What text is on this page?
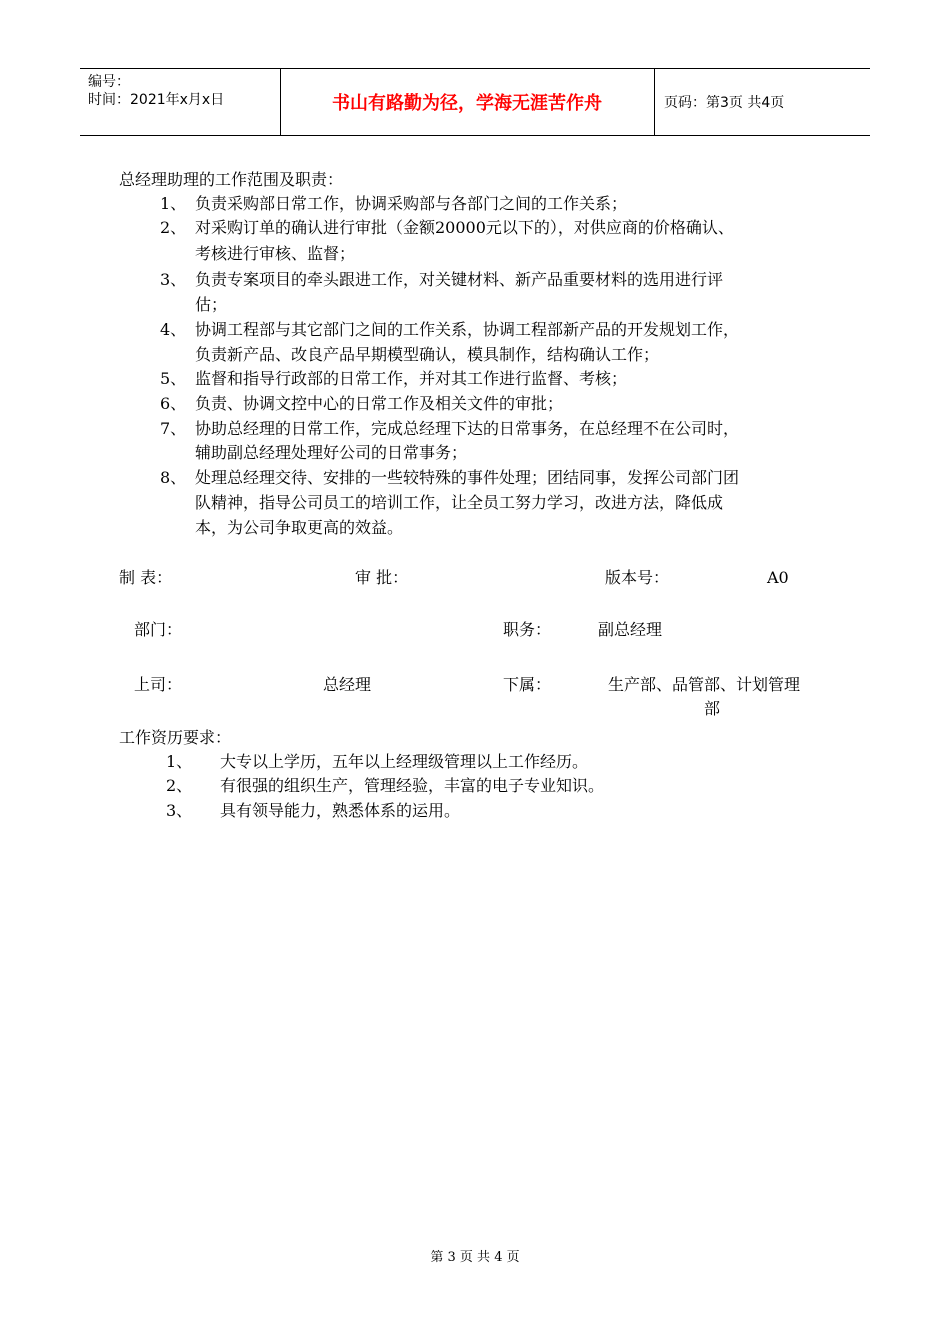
编号：
时间：2021年x月x日	书山有路勤为径，学海无涯苦作舟	页码：第3页 共4页
总经理助理的工作范围及职责：
1、 负责采购部日常工作，协调采购部与各部门之间的工作关系；
2、 对采购订单的确认进行审批（金额20000元以下的），对供应商的价格确认、
考核进行审核、监督；
3、 负责专案项目的牵头跟进工作，对关键材料、新产品重要材料的选用进行评
估；
4、 协调工程部与其它部门之间的工作关系，协调工程部新产品的开发规划工作，
负责新产品、改良产品早期模型确认，模具制作，结构确认工作；
5、 监督和指导行政部的日常工作，并对其工作进行监督、考核；
6、 负责、协调文控中心的日常工作及相关文件的审批；
7、 协助总经理的日常工作，完成总经理下达的日常事务，在总经理不在公司时，
辅助副总经理处理好公司的日常事务；
8、 处理总经理交待、安排的一些较特殊的事件处理；团结同事，发挥公司部门团
队精神，指导公司员工的培训工作，让全员工努力学习，改进方法，降低成
本，为公司争取更高的效益。
制 表：	审 批：	版本号：	A0
部门：	职务：	副总经理
上司：	总经理	下属：	生产部、品管部、计划管理
部
工作资历要求：
1、 大专以上学历，五年以上经理级管理以上工作经历。
2、 有很强的组织生产，管理经验，丰富的电子专业知识。
3、 具有领导能力，熟悉体系的运用。
第 3 页 共 4 页
